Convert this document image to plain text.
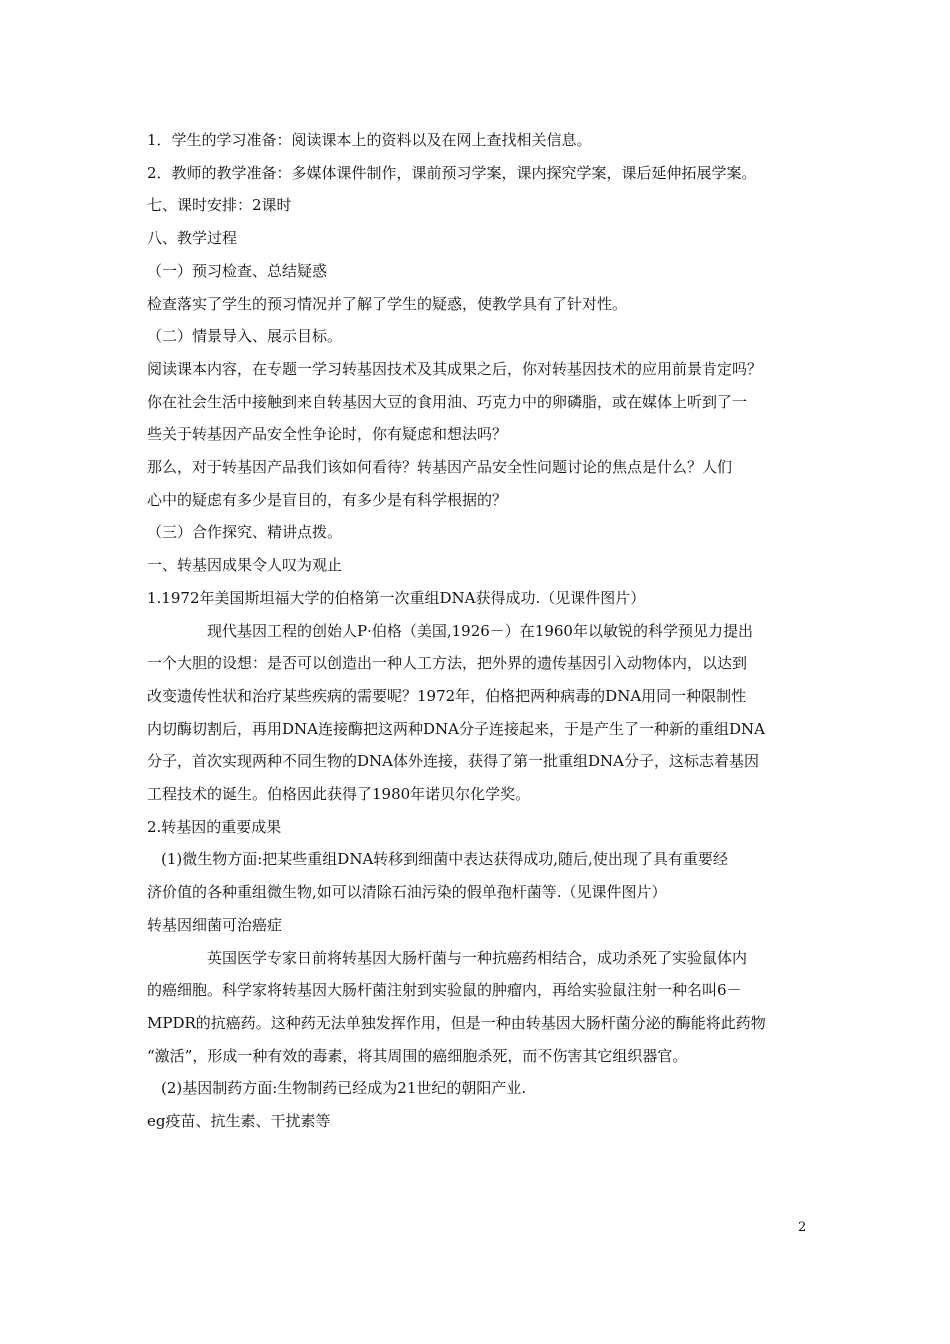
1．学生的学习准备：阅读课本上的资料以及在网上查找相关信息。

2．教师的教学准备：多媒体课件制作，课前预习学案，课内探究学案，课后延伸拓展学案。

七、课时安排：2课时

八、教学过程

（一）预习检查、总结疑惑

检查落实了学生的预习情况并了解了学生的疑惑，使教学具有了针对性。

（二）情景导入、展示目标。

阅读课本内容，在专题一学习转基因技术及其成果之后，你对转基因技术的应用前景肯定吗？

你在社会生活中接触到来自转基因大豆的食用油、巧克力中的卵磷脂，或在媒体上听到了一

些关于转基因产品安全性争论时，你有疑虑和想法吗？

那么，对于转基因产品我们该如何看待？转基因产品安全性问题讨论的焦点是什么？人们

心中的疑虑有多少是盲目的，有多少是有科学根据的？

（三）合作探究、精讲点拨。

一、转基因成果令人叹为观止

1.1972年美国斯坦福大学的伯格第一次重组DNA获得成功.（见课件图片）

现代基因工程的创始人P·伯格（美国,1926－）在1960年以敏锐的科学预见力提出

一个大胆的设想：是否可以创造出一种人工方法，把外界的遗传基因引入动物体内，以达到

改变遗传性状和治疗某些疾病的需要呢？1972年，伯格把两种病毒的DNA用同一种限制性

内切酶切割后，再用DNA连接酶把这两种DNA分子连接起来，于是产生了一种新的重组DNA

分子，首次实现两种不同生物的DNA体外连接，获得了第一批重组DNA分子，这标志着基因

工程技术的诞生。伯格因此获得了1980年诺贝尔化学奖。

2.转基因的重要成果

(1)微生物方面:把某些重组DNA转移到细菌中表达获得成功,随后,使出现了具有重要经

济价值的各种重组微生物,如可以清除石油污染的假单孢杆菌等.（见课件图片）

转基因细菌可治癌症

英国医学专家日前将转基因大肠杆菌与一种抗癌药相结合，成功杀死了实验鼠体内

的癌细胞。科学家将转基因大肠杆菌注射到实验鼠的肿瘤内，再给实验鼠注射一种名叫6－

MPDR的抗癌药。这种药无法单独发挥作用，但是一种由转基因大肠杆菌分泌的酶能将此药物

“激活”，形成一种有效的毒素，将其周围的癌细胞杀死，而不伤害其它组织器官。

(2)基因制药方面:生物制药已经成为21世纪的朝阳产业.

eg疫苗、抗生素、干扰素等

2
